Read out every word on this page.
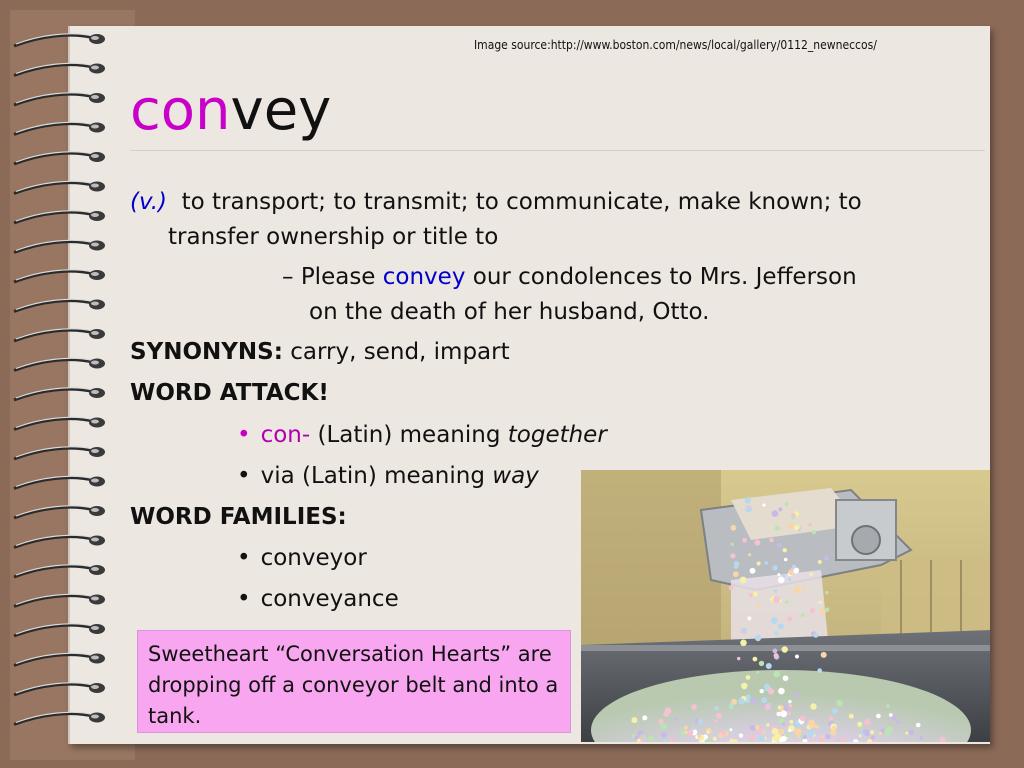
Image source:http://www.boston.com/news/local/gallery/0112_newneccos/
convey
(v.) to transport; to transmit; to communicate, make known; to
transfer ownership or title to
– Please convey our condolences to Mrs. Jefferson
on the death of her husband, Otto.
SYNONYNS: carry, send, impart
WORD ATTACK!
• con- (Latin) meaning together
• via (Latin) meaning way
WORD FAMILIES:
• conveyor
• conveyance
Sweetheart “Conversation Hearts” are dropping off a conveyor belt and into a tank.
